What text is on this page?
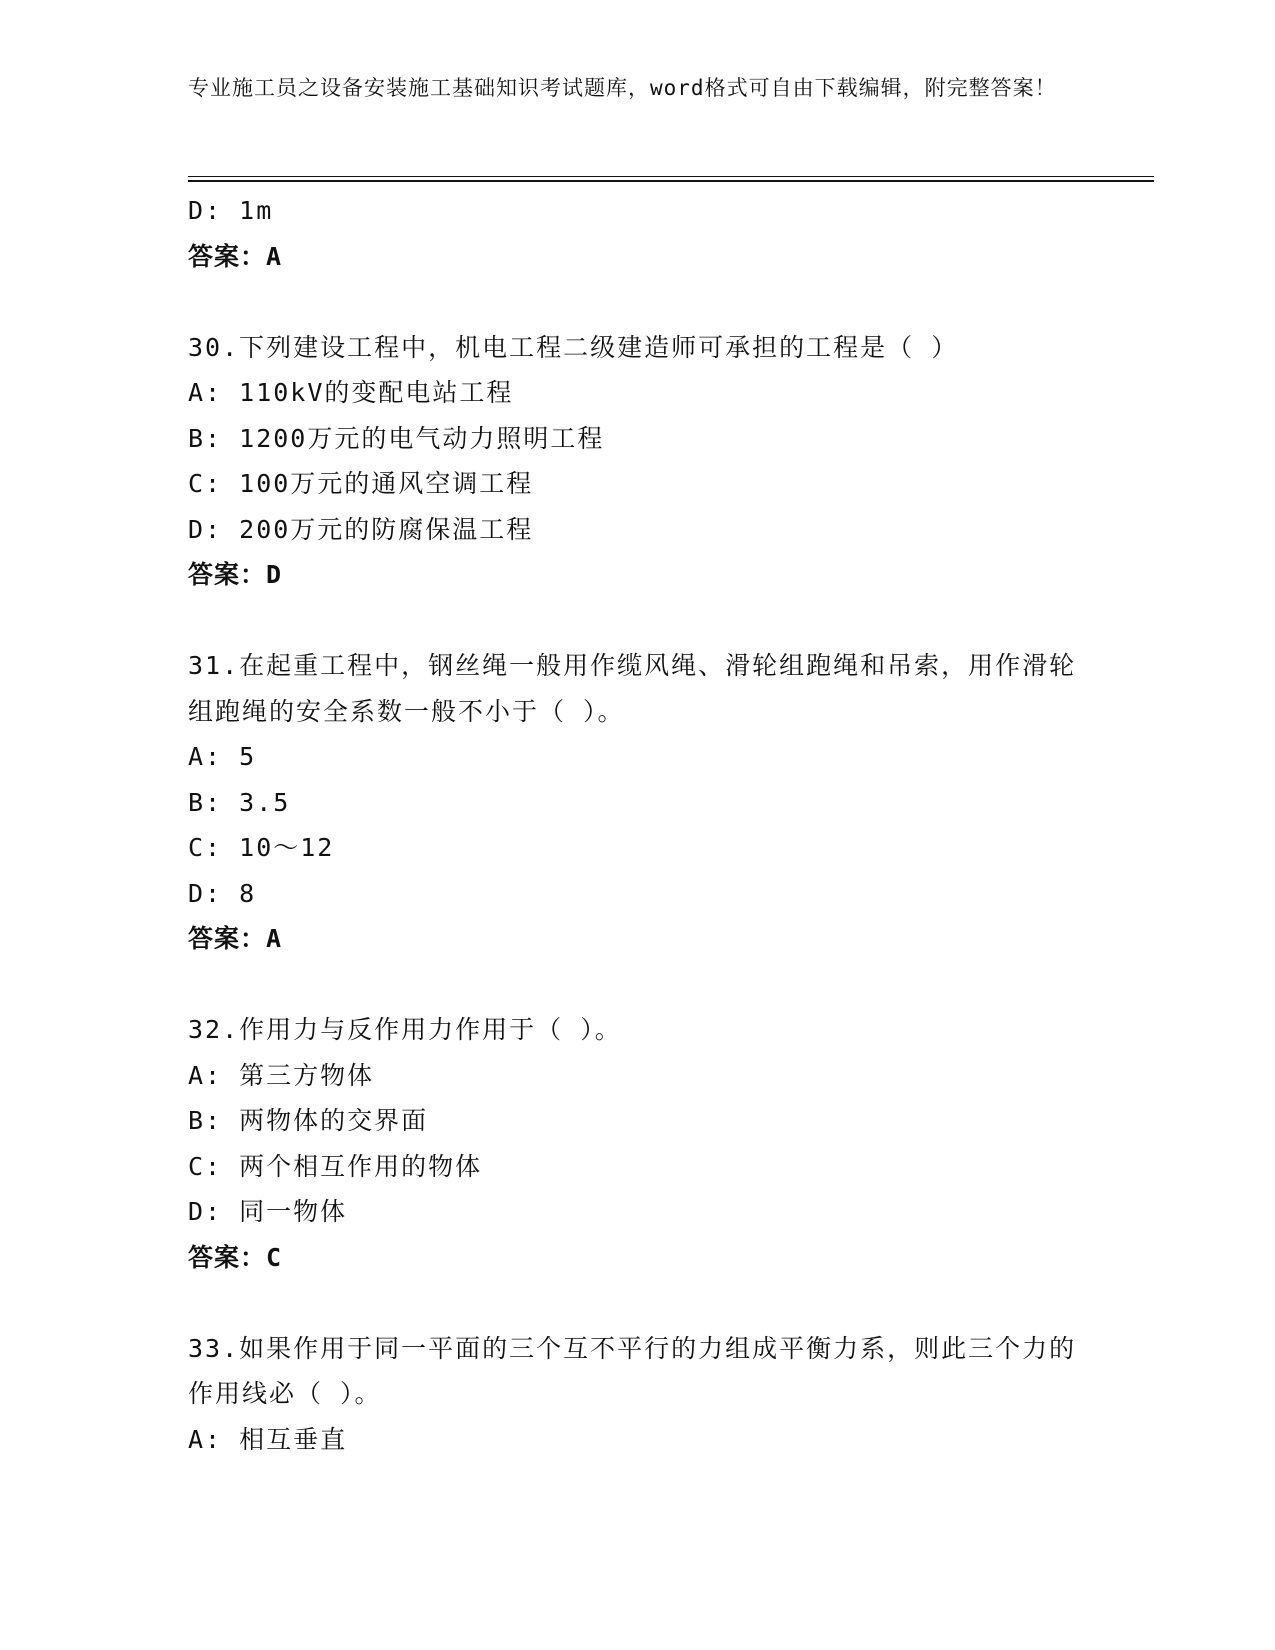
专业施工员之设备安装施工基础知识考试题库，word格式可自由下载编辑，附完整答案！
D: 1m
答案：A
30.下列建设工程中，机电工程二级建造师可承担的工程是（ ）
A: 110kV的变配电站工程
B: 1200万元的电气动力照明工程
C: 100万元的通风空调工程
D: 200万元的防腐保温工程
答案：D
31.在起重工程中，钢丝绳一般用作缆风绳、滑轮组跑绳和吊索，用作滑轮组跑绳的安全系数一般不小于（ ）。
A: 5
B: 3.5
C: 10～12
D: 8
答案：A
32.作用力与反作用力作用于（ ）。
A: 第三方物体
B: 两物体的交界面
C: 两个相互作用的物体
D: 同一物体
答案：C
33.如果作用于同一平面的三个互不平行的力组成平衡力系，则此三个力的作用线必（ ）。
A: 相互垂直
